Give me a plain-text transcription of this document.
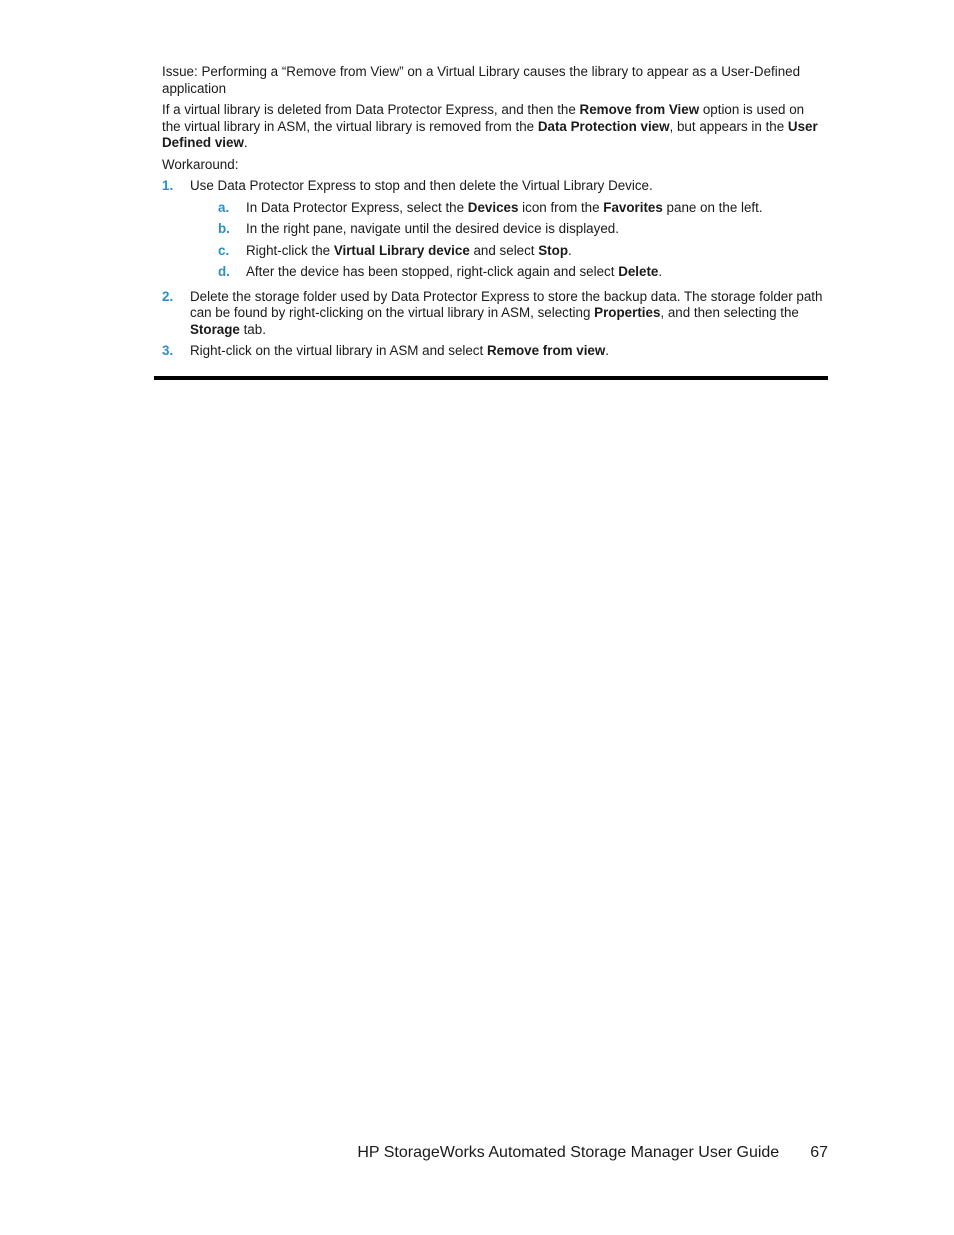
Issue: Performing a “Remove from View” on a Virtual Library causes the library to appear as a User-Defined application

If a virtual library is deleted from Data Protector Express, and then the Remove from View option is used on the virtual library in ASM, the virtual library is removed from the Data Protection view, but appears in the User Defined view.

Workaround:

1. Use Data Protector Express to stop and then delete the Virtual Library Device.
a. In Data Protector Express, select the Devices icon from the Favorites pane on the left.
b. In the right pane, navigate until the desired device is displayed.
c. Right-click the Virtual Library device and select Stop.
d. After the device has been stopped, right-click again and select Delete.
2. Delete the storage folder used by Data Protector Express to store the backup data. The storage folder path can be found by right-clicking on the virtual library in ASM, selecting Properties, and then selecting the Storage tab.
3. Right-click on the virtual library in ASM and select Remove from view.
HP StorageWorks Automated Storage Manager User Guide 67
